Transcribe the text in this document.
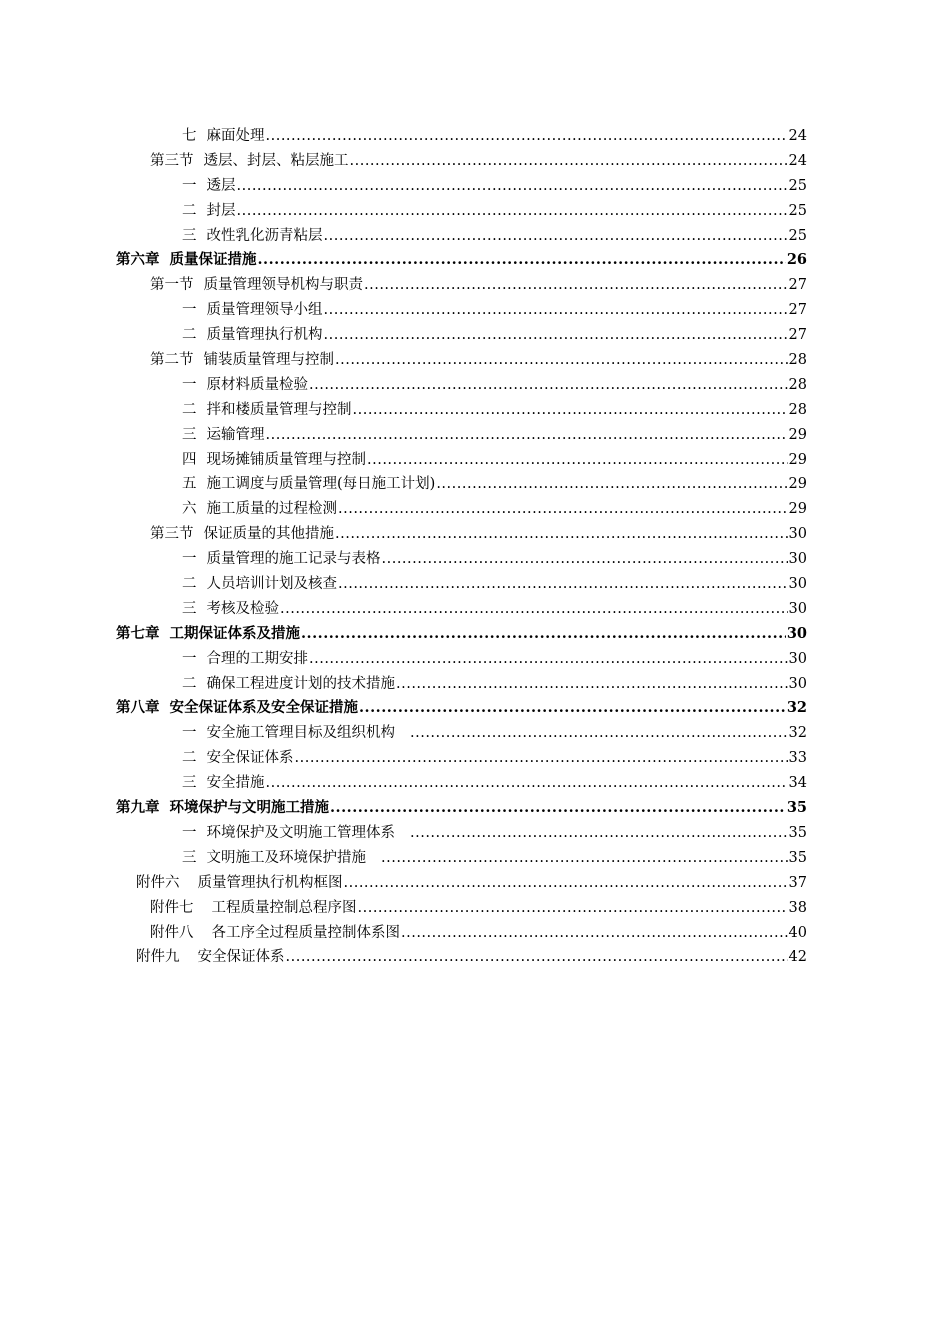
七 麻面处理 .....	24
第三节 透层、封层、粘层施工 .....	24
一 透层 .....	25
二 封层 .....	25
三 改性乳化沥青粘层 .....	25
第六章 质量保证措施 .....	26
第一节 质量管理领导机构与职责 .....	27
一 质量管理领导小组 .....	27
二 质量管理执行机构 .....	27
第二节 铺装质量管理与控制 .....	28
一 原材料质量检验 .....	28
二 拌和楼质量管理与控制 .....	28
三 运输管理 .....	29
四 现场摊铺质量管理与控制 .....	29
五 施工调度与质量管理(每日施工计划) .....	29
六 施工质量的过程检测 .....	29
第三节 保证质量的其他措施 .....	30
一 质量管理的施工记录与表格 .....	30
二 人员培训计划及核查 .....	30
三 考核及检验 .....	30
第七章 工期保证体系及措施 .....	30
一 合理的工期安排 .....	30
二 确保工程进度计划的技术措施 .....	30
第八章 安全保证体系及安全保证措施 .....	32
一 安全施工管理目标及组织机构 .....	32
二 安全保证体系 .....	33
三 安全措施 .....	34
第九章 环境保护与文明施工措施 .....	35
一 环境保护及文明施工管理体系 .....	35
三 文明施工及环境保护措施 .....	35
附件六 质量管理执行机构框图 .....	37
附件七 工程质量控制总程序图 .....	38
附件八 各工序全过程质量控制体系图 .....	40
附件九 安全保证体系 .....	42
